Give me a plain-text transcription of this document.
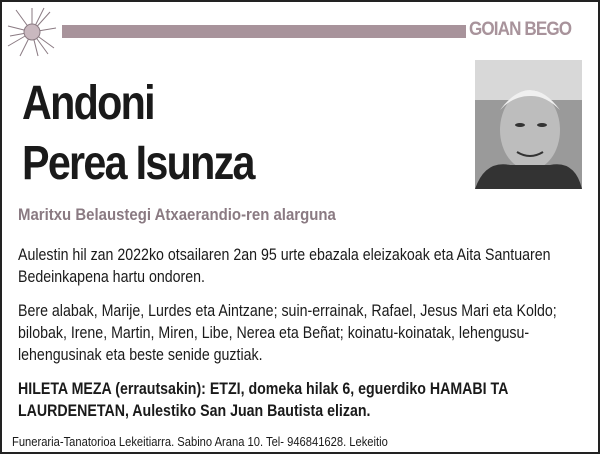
GOIAN BEGO
Andoni
Perea Isunza
Maritxu Belaustegi Atxaerandio-ren alarguna
Aulestin hil zan 2022ko otsailaren 2an 95 urte ebazala eleizakoak eta Aita Santuaren Bedeinkapena hartu ondoren.
Bere alabak, Marije, Lurdes eta Aintzane; suin-errainak, Rafael, Jesus Mari eta Koldo; bilobak, Irene, Martin, Miren, Libe, Nerea eta Beñat; koinatu-koinatak, lehengusu-lehengusinak eta beste senide guztiak.
HILETA MEZA (errautsakin): ETZI, domeka hilak 6, eguerdiko HAMABI TA LAURDENETAN, Aulestiko San Juan Bautista elizan.
Funeraria-Tanatorioa Lekeitiarra. Sabino Arana 10. Tel- 946841628. Lekeitio
